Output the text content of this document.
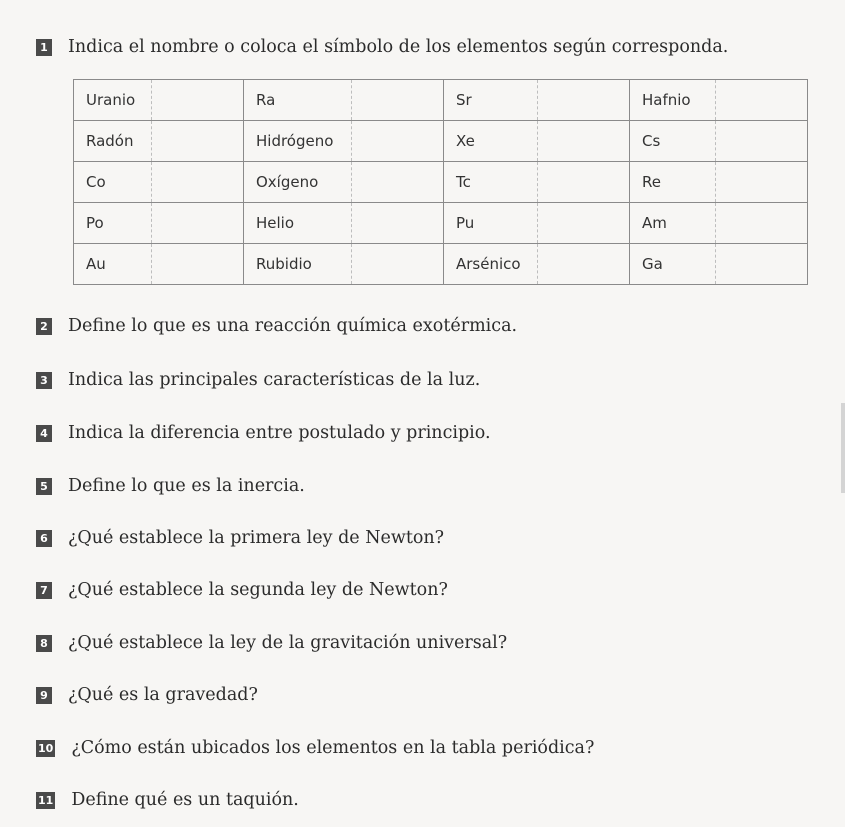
1 Indica el nombre o coloca el símbolo de los elementos según corresponda.
Uranio		Ra		Sr		Hafnio	
Radón		Hidrógeno		Xe		Cs	
Co		Oxígeno		Tc		Re	
Po		Helio		Pu		Am	
Au		Rubidio		Arsénico		Ga	
2 Define lo que es una reacción química exotérmica.
3 Indica las principales características de la luz.
4 Indica la diferencia entre postulado y principio.
5 Define lo que es la inercia.
6 ¿Qué establece la primera ley de Newton?
7 ¿Qué establece la segunda ley de Newton?
8 ¿Qué establece la ley de la gravitación universal?
9 ¿Qué es la gravedad?
10 ¿Cómo están ubicados los elementos en la tabla periódica?
11 Define qué es un taquión.
